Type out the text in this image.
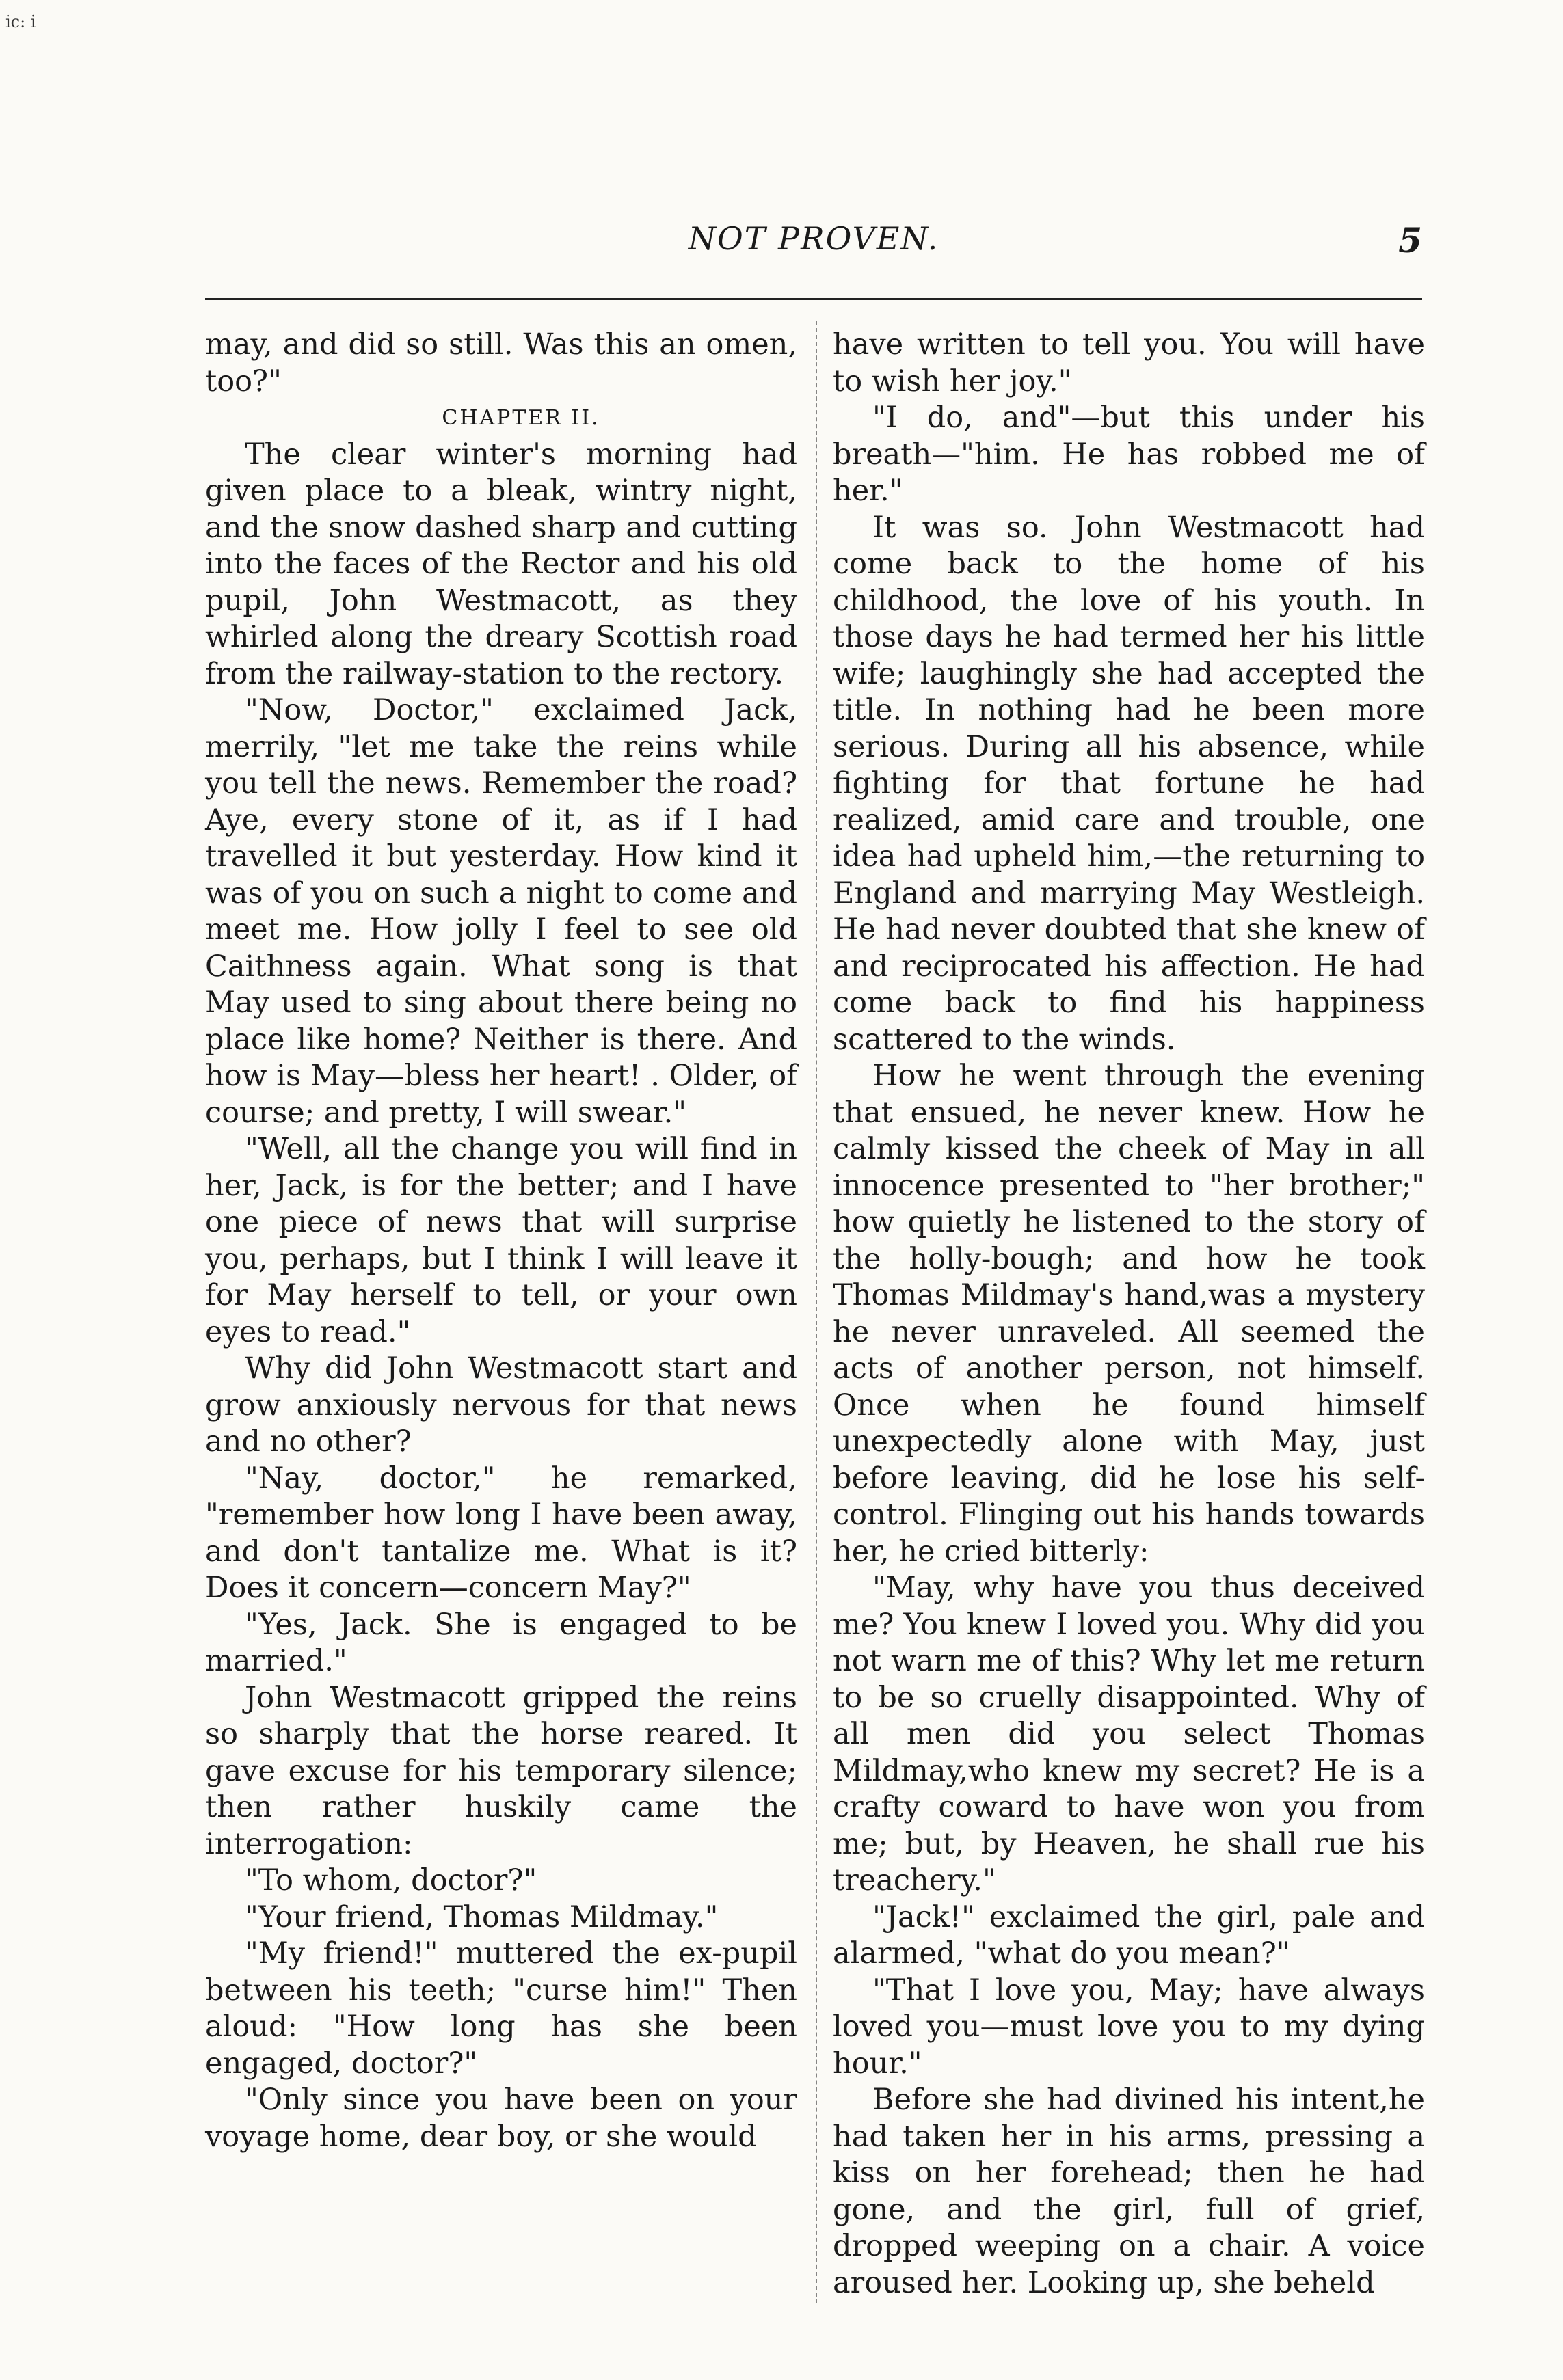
ic: i
NOT PROVEN.	5

may, and did so still. Was this an omen, too?"

CHAPTER II.

The clear winter's morning had given place to a bleak, wintry night, and the snow dashed sharp and cutting into the faces of the Rector and his old pupil, John Westmacott, as they whirled along the dreary Scottish road from the railway-station to the rectory.

"Now, Doctor," exclaimed Jack, merrily, "let me take the reins while you tell the news. Remember the road? Aye, every stone of it, as if I had travelled it but yesterday. How kind it was of you on such a night to come and meet me. How jolly I feel to see old Caithness again. What song is that May used to sing about there being no place like home? Neither is there. And how is May—bless her heart! . Older, of course; and pretty, I will swear."

"Well, all the change you will find in her, Jack, is for the better; and I have one piece of news that will surprise you, perhaps, but I think I will leave it for May herself to tell, or your own eyes to read."

Why did John Westmacott start and grow anxiously nervous for that news and no other?

"Nay, doctor," he remarked, "remember how long I have been away, and don't tantalize me. What is it? Does it concern—concern May?"

"Yes, Jack. She is engaged to be married."

John Westmacott gripped the reins so sharply that the horse reared. It gave excuse for his temporary silence; then rather huskily came the interrogation:

"To whom, doctor?"

"Your friend, Thomas Mildmay."

"My friend!" muttered the ex-pupil between his teeth; "curse him!" Then aloud: "How long has she been engaged, doctor?"

"Only since you have been on your voyage home, dear boy, or she would

have written to tell you. You will have to wish her joy."

"I do, and"—but this under his breath—"him. He has robbed me of her."

It was so. John Westmacott had come back to the home of his childhood, the love of his youth. In those days he had termed her his little wife; laughingly she had accepted the title. In nothing had he been more serious. During all his absence, while fighting for that fortune he had realized, amid care and trouble, one idea had upheld him,—the returning to England and marrying May Westleigh. He had never doubted that she knew of and reciprocated his affection. He had come back to find his happiness scattered to the winds.

How he went through the evening that ensued, he never knew. How he calmly kissed the cheek of May in all innocence presented to "her brother;" how quietly he listened to the story of the holly-bough; and how he took Thomas Mildmay's hand,was a mystery he never unraveled. All seemed the acts of another person, not himself. Once when he found himself unexpectedly alone with May, just before leaving, did he lose his self-control. Flinging out his hands towards her, he cried bitterly:

"May, why have you thus deceived me? You knew I loved you. Why did you not warn me of this? Why let me return to be so cruelly disappointed. Why of all men did you select Thomas Mildmay,who knew my secret? He is a crafty coward to have won you from me; but, by Heaven, he shall rue his treachery."

"Jack!" exclaimed the girl, pale and alarmed, "what do you mean?"

"That I love you, May; have always loved you—must love you to my dying hour."

Before she had divined his intent,he had taken her in his arms, pressing a kiss on her forehead; then he had gone, and the girl, full of grief, dropped weeping on a chair. A voice aroused her. Looking up, she beheld
